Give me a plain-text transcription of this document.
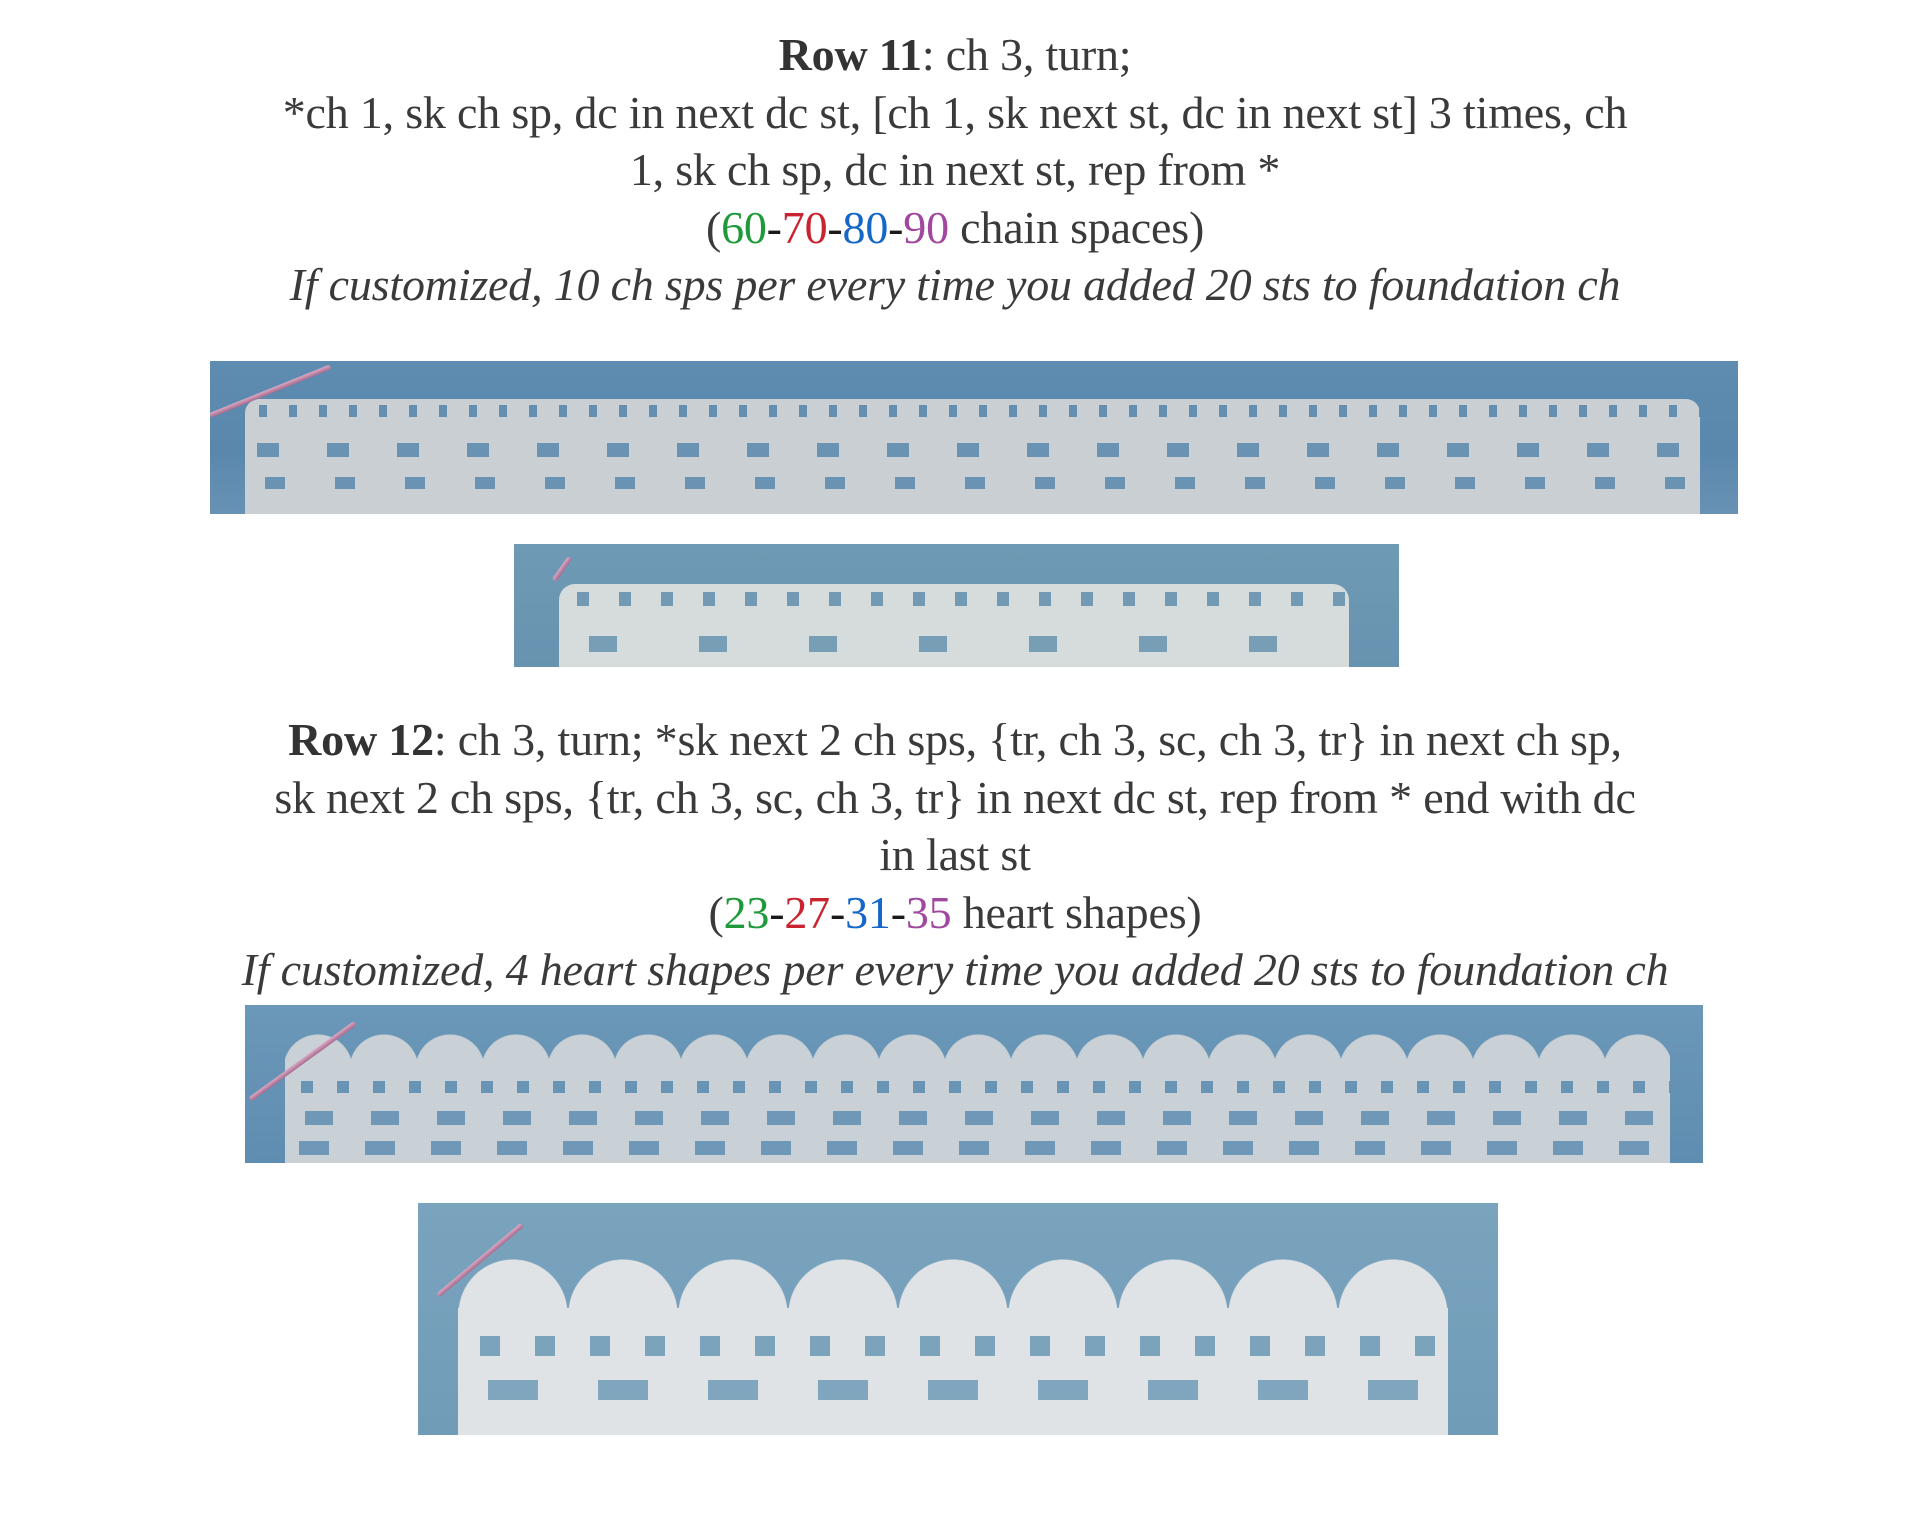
Row 11: ch 3, turn;
*ch 1, sk ch sp, dc in next dc st, [ch 1, sk next st, dc in next st] 3 times, ch
1, sk ch sp, dc in next st, rep from *
(60-70-80-90 chain spaces)
If customized, 10 ch sps per every time you added 20 sts to foundation ch
Row 12: ch 3, turn; *sk next 2 ch sps, {tr, ch 3, sc, ch 3, tr} in next ch sp,
sk next 2 ch sps, {tr, ch 3, sc, ch 3, tr} in next dc st, rep from * end with dc
in last st
(23-27-31-35 heart shapes)
If customized, 4 heart shapes per every time you added 20 sts to foundation ch
